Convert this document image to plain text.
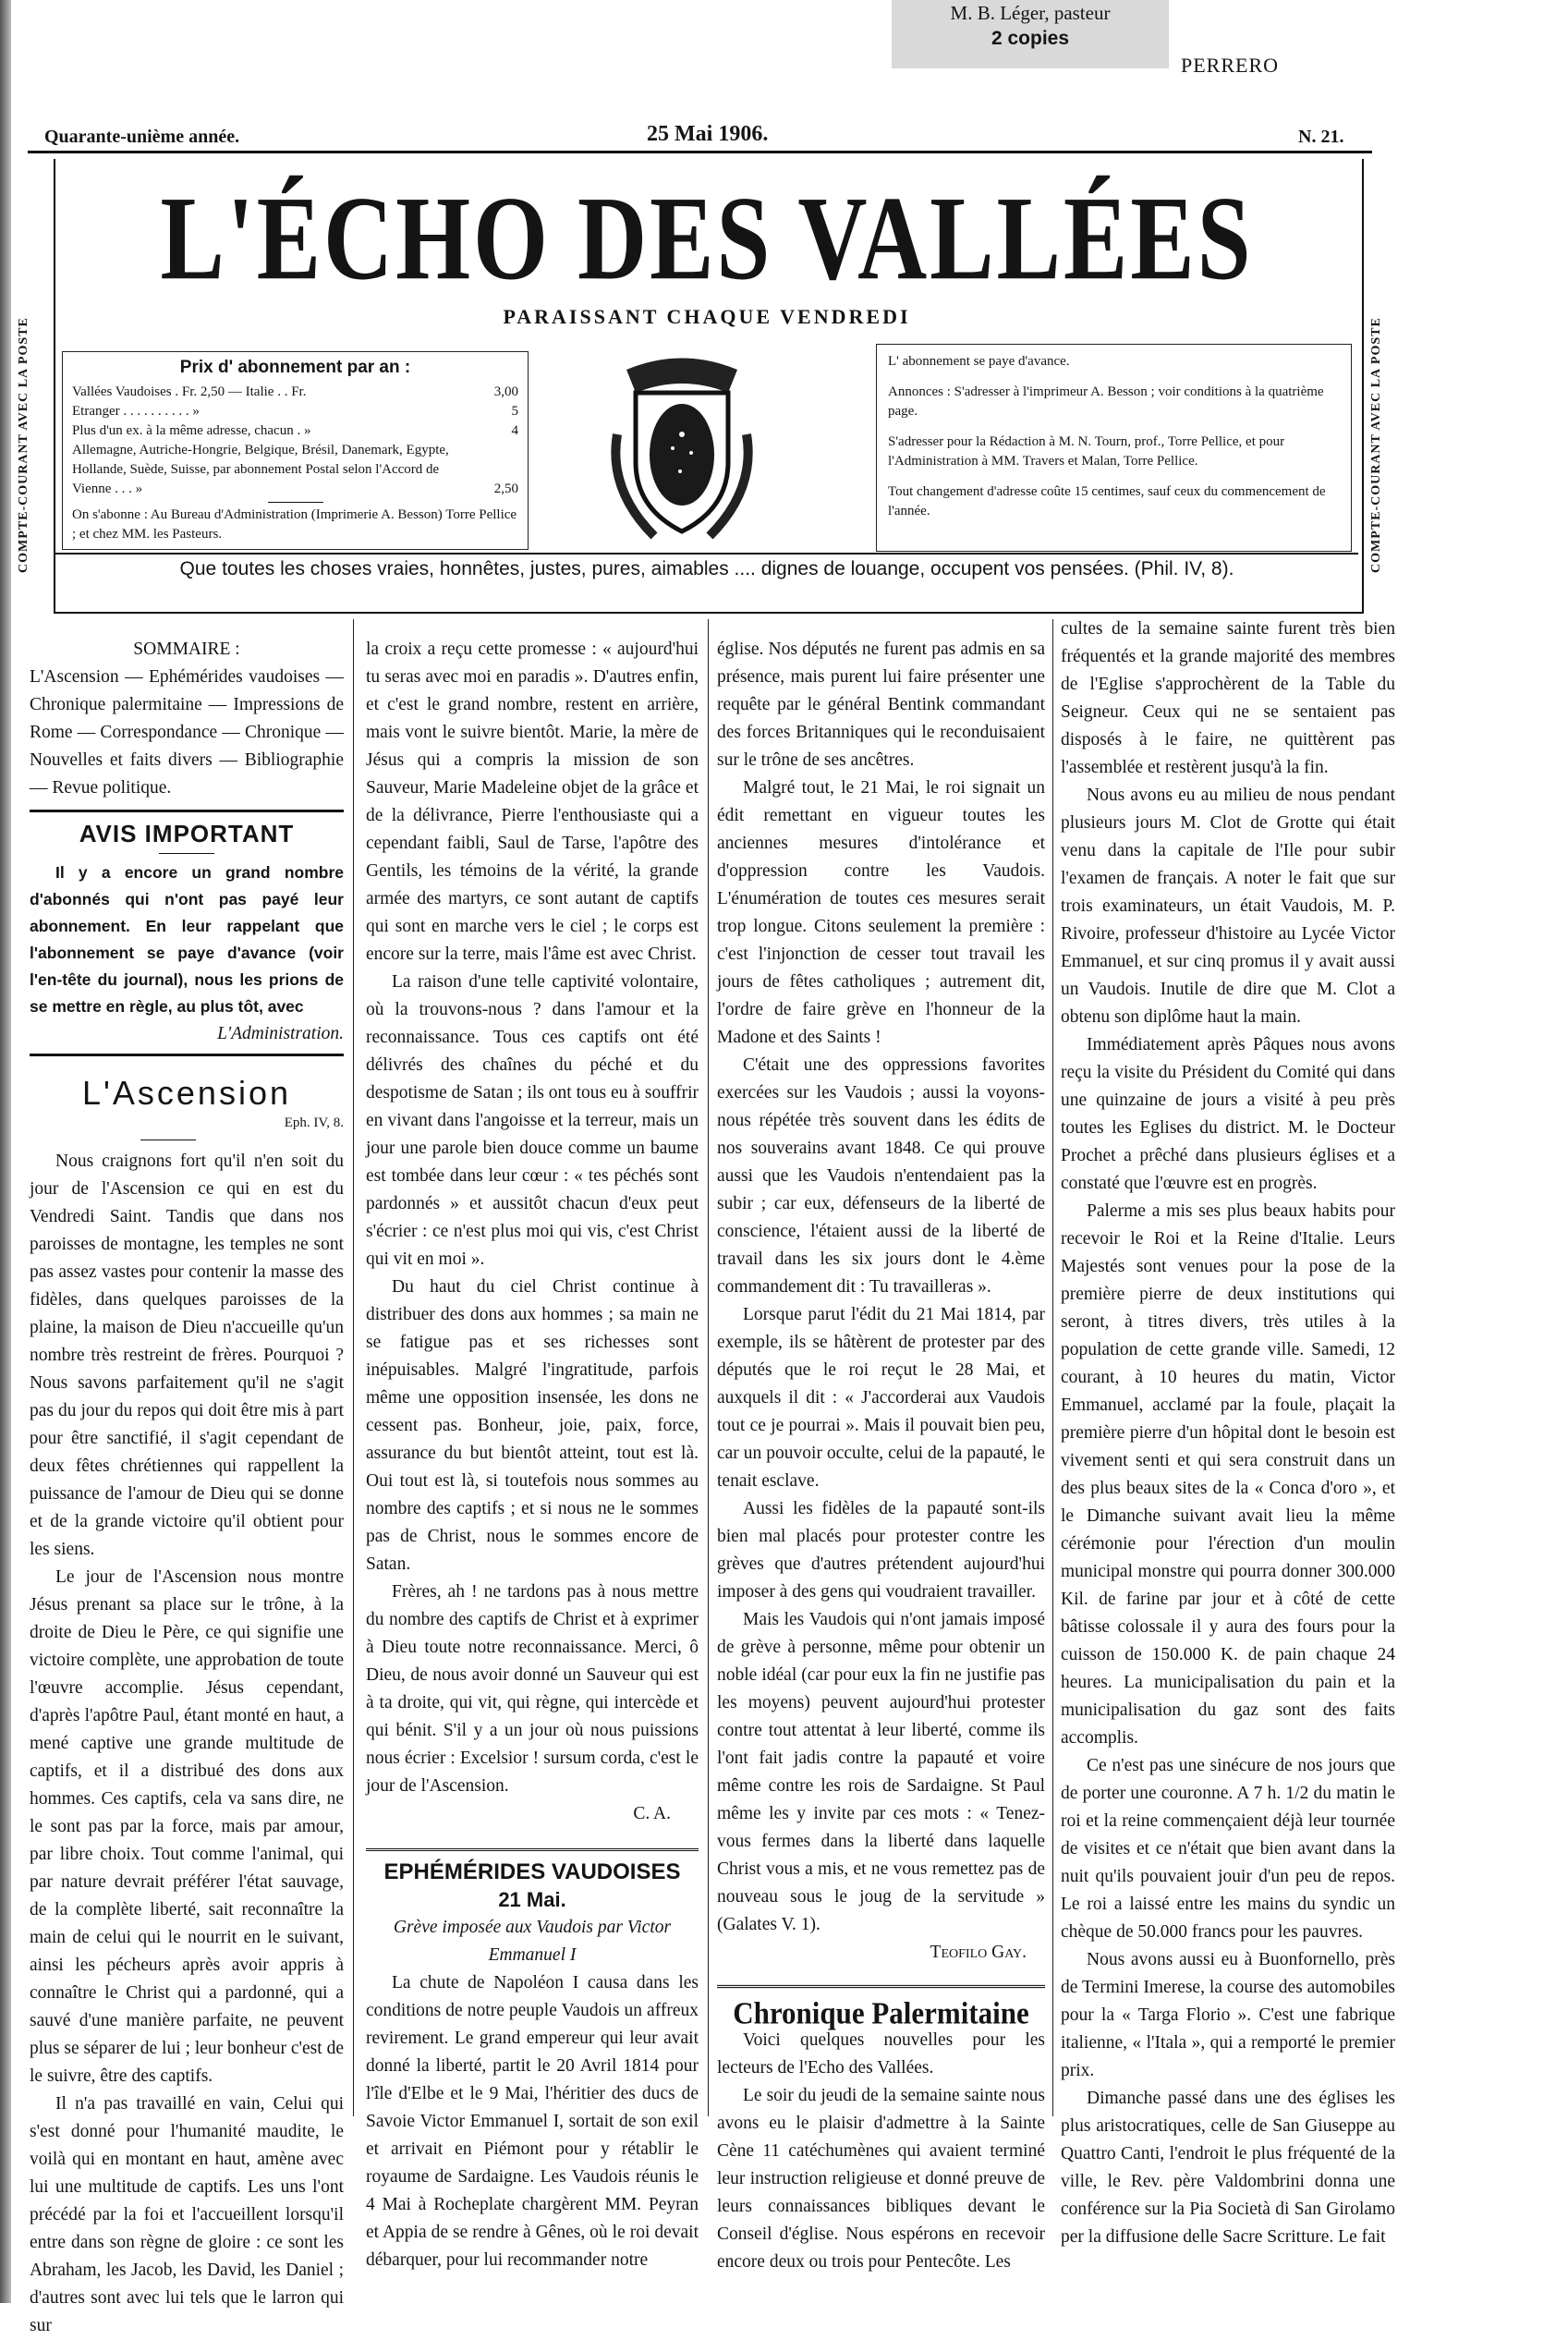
M. B. Léger, pasteur
2 copies
PERRERO
Quarante-unième année.	25 Mai 1906.	N. 21.
COMPTE-COURANT AVEC LA POSTE	COMPTE-COURANT AVEC LA POSTE
L'ÉCHO DES VALLÉES
PARAISSANT CHAQUE VENDREDI
Prix d' abonnement par an :
Vallées Vaudoises . Fr. 2,50 — Italie . . Fr.	3,00
Etranger . . . . . . . . . . »	5
Plus d'un ex. à la même adresse, chacun . »	4
Allemagne, Autriche-Hongrie, Belgique, Brésil, Danemark, Egypte, Hollande, Suède, Suisse, par abonnement Postal selon l'Accord de Vienne . . . »	2,50
On s'abonne : Au Bureau d'Administration (Imprimerie A. Besson) Torre Pellice ; et chez MM. les Pasteurs.

L' abonnement se paye d'avance.

Annonces : S'adresser à l'imprimeur A. Besson ; voir conditions à la quatrième page.

S'adresser pour la Rédaction à M. N. Tourn, prof., Torre Pellice, et pour l'Administration à MM. Travers et Malan, Torre Pellice.

Tout changement d'adresse coûte 15 centimes, sauf ceux du commencement de l'année.

Que toutes les choses vraies, honnêtes, justes, pures, aimables .... dignes de louange, occupent vos pensées. (Phil. IV, 8).

SOMMAIRE :

L'Ascension — Ephémérides vaudoises — Chronique palermitaine — Impressions de Rome — Correspondance — Chronique — Nouvelles et faits divers — Bibliographie — Revue politique.

AVIS IMPORTANT

Il y a encore un grand nombre d'abonnés qui n'ont pas payé leur abonnement. En leur rappelant que l'abonnement se paye d'avance (voir l'en-tête du journal), nous les prions de se mettre en règle, au plus tôt, avec

L'Administration.

L'Ascension

Eph. IV, 8.

Nous craignons fort qu'il n'en soit du jour de l'Ascension ce qui en est du Vendredi Saint. Tandis que dans nos paroisses de montagne, les temples ne sont pas assez vastes pour contenir la masse des fidèles, dans quelques paroisses de la plaine, la maison de Dieu n'accueille qu'un nombre très restreint de frères. Pourquoi ? Nous savons parfaitement qu'il ne s'agit pas du jour du repos qui doit être mis à part pour être sanctifié, il s'agit cependant de deux fêtes chrétiennes qui rappellent la puissance de l'amour de Dieu qui se donne et de la grande victoire qu'il obtient pour les siens.

Le jour de l'Ascension nous montre Jésus prenant sa place sur le trône, à la droite de Dieu le Père, ce qui signifie une victoire complète, une approbation de toute l'œuvre accomplie. Jésus cependant, d'après l'apôtre Paul, étant monté en haut, a mené captive une grande multitude de captifs, et il a distribué des dons aux hommes. Ces captifs, cela va sans dire, ne le sont pas par la force, mais par amour, par libre choix. Tout comme l'animal, qui par nature devrait préférer l'état sauvage, de la complète liberté, sait reconnaître la main de celui qui le nourrit en le suivant, ainsi les pécheurs après avoir appris à connaître le Christ qui a pardonné, qui a sauvé d'une manière parfaite, ne peuvent plus se séparer de lui ; leur bonheur c'est de le suivre, être des captifs.

Il n'a pas travaillé en vain, Celui qui s'est donné pour l'humanité maudite, le voilà qui en montant en haut, amène avec lui une multitude de captifs. Les uns l'ont précédé par la foi et l'accueillent lorsqu'il entre dans son règne de gloire : ce sont les Abraham, les Jacob, les David, les Daniel ; d'autres sont avec lui tels que le larron qui sur

la croix a reçu cette promesse : « aujourd'hui tu seras avec moi en paradis ». D'autres enfin, et c'est le grand nombre, restent en arrière, mais vont le suivre bientôt. Marie, la mère de Jésus qui a compris la mission de son Sauveur, Marie Madeleine objet de la grâce et de la délivrance, Pierre l'enthousiaste qui a cependant faibli, Saul de Tarse, l'apôtre des Gentils, les témoins de la vérité, la grande armée des martyrs, ce sont autant de captifs qui sont en marche vers le ciel ; le corps est encore sur la terre, mais l'âme est avec Christ.

La raison d'une telle captivité volontaire, où la trouvons-nous ? dans l'amour et la reconnaissance. Tous ces captifs ont été délivrés des chaînes du péché et du despotisme de Satan ; ils ont tous eu à souffrir en vivant dans l'angoisse et la terreur, mais un jour une parole bien douce comme un baume est tombée dans leur cœur : « tes péchés sont pardonnés » et aussitôt chacun d'eux peut s'écrier : ce n'est plus moi qui vis, c'est Christ qui vit en moi ».

Du haut du ciel Christ continue à distribuer des dons aux hommes ; sa main ne se fatigue pas et ses richesses sont inépuisables. Malgré l'ingratitude, parfois même une opposition insensée, les dons ne cessent pas. Bonheur, joie, paix, force, assurance du but bientôt atteint, tout est là. Oui tout est là, si toutefois nous sommes au nombre des captifs ; et si nous ne le sommes pas de Christ, nous le sommes encore de Satan.

Frères, ah ! ne tardons pas à nous mettre du nombre des captifs de Christ et à exprimer à Dieu toute notre reconnaissance. Merci, ô Dieu, de nous avoir donné un Sauveur qui est à ta droite, qui vit, qui règne, qui intercède et qui bénit. S'il y a un jour où nous puissions nous écrier : Excelsior ! sursum corda, c'est le jour de l'Ascension.

C. A.

EPHÉMÉRIDES VAUDOISES

21 Mai.

Grève imposée aux Vaudois par Victor Emmanuel I

La chute de Napoléon I causa dans les conditions de notre peuple Vaudois un affreux revirement. Le grand empereur qui leur avait donné la liberté, partit le 20 Avril 1814 pour l'île d'Elbe et le 9 Mai, l'héritier des ducs de Savoie Victor Emmanuel I, sortait de son exil et arrivait en Piémont pour y rétablir le royaume de Sardaigne. Les Vaudois réunis le 4 Mai à Rocheplate chargèrent MM. Peyran et Appia de se rendre à Gênes, où le roi devait débarquer, pour lui recommander notre

église. Nos députés ne furent pas admis en sa présence, mais purent lui faire présenter une requête par le général Bentink commandant des forces Britanniques qui le reconduisaient sur le trône de ses ancêtres.

Malgré tout, le 21 Mai, le roi signait un édit remettant en vigueur toutes les anciennes mesures d'intolérance et d'oppression contre les Vaudois. L'énumération de toutes ces mesures serait trop longue. Citons seulement la première : c'est l'injonction de cesser tout travail les jours de fêtes catholiques ; autrement dit, l'ordre de faire grève en l'honneur de la Madone et des Saints !

C'était une des oppressions favorites exercées sur les Vaudois ; aussi la voyons-nous répétée très souvent dans les édits de nos souverains avant 1848. Ce qui prouve aussi que les Vaudois n'entendaient pas la subir ; car eux, défenseurs de la liberté de conscience, l'étaient aussi de la liberté de travail dans les six jours dont le 4.ème commandement dit : Tu travailleras ».

Lorsque parut l'édit du 21 Mai 1814, par exemple, ils se hâtèrent de protester par des députés que le roi reçut le 28 Mai, et auxquels il dit : « J'accorderai aux Vaudois tout ce je pourrai ». Mais il pouvait bien peu, car un pouvoir occulte, celui de la papauté, le tenait esclave.

Aussi les fidèles de la papauté sont-ils bien mal placés pour protester contre les grèves que d'autres prétendent aujourd'hui imposer à des gens qui voudraient travailler.

Mais les Vaudois qui n'ont jamais imposé de grève à personne, même pour obtenir un noble idéal (car pour eux la fin ne justifie pas les moyens) peuvent aujourd'hui protester contre tout attentat à leur liberté, comme ils l'ont fait jadis contre la papauté et voire même contre les rois de Sardaigne. St Paul même les y invite par ces mots : « Tenez-vous fermes dans la liberté dans laquelle Christ vous a mis, et ne vous remettez pas de nouveau sous le joug de la servitude » (Galates V. 1).

Teofilo Gay.

Chronique Palermitaine

Voici quelques nouvelles pour les lecteurs de l'Echo des Vallées.

Le soir du jeudi de la semaine sainte nous avons eu le plaisir d'admettre à la Sainte Cène 11 catéchumènes qui avaient terminé leur instruction religieuse et donné preuve de leurs connaissances bibliques devant le Conseil d'église. Nous espérons en recevoir encore deux ou trois pour Pentecôte. Les

cultes de la semaine sainte furent très bien fréquentés et la grande majorité des membres de l'Eglise s'approchèrent de la Table du Seigneur. Ceux qui ne se sentaient pas disposés à le faire, ne quittèrent pas l'assemblée et restèrent jusqu'à la fin.

Nous avons eu au milieu de nous pendant plusieurs jours M. Clot de Grotte qui était venu dans la capitale de l'Ile pour subir l'examen de français. A noter le fait que sur trois examinateurs, un était Vaudois, M. P. Rivoire, professeur d'histoire au Lycée Victor Emmanuel, et sur cinq promus il y avait aussi un Vaudois. Inutile de dire que M. Clot a obtenu son diplôme haut la main.

Immédiatement après Pâques nous avons reçu la visite du Président du Comité qui dans une quinzaine de jours a visité à peu près toutes les Eglises du district. M. le Docteur Prochet a prêché dans plusieurs églises et a constaté que l'œuvre est en progrès.

Palerme a mis ses plus beaux habits pour recevoir le Roi et la Reine d'Italie. Leurs Majestés sont venues pour la pose de la première pierre de deux institutions qui seront, à titres divers, très utiles à la population de cette grande ville. Samedi, 12 courant, à 10 heures du matin, Victor Emmanuel, acclamé par la foule, plaçait la première pierre d'un hôpital dont le besoin est vivement senti et qui sera construit dans un des plus beaux sites de la « Conca d'oro », et le Dimanche suivant avait lieu la même cérémonie pour l'érection d'un moulin municipal monstre qui pourra donner 300.000 Kil. de farine par jour et à côté de cette bâtisse colossale il y aura des fours pour la cuisson de 150.000 K. de pain chaque 24 heures. La municipalisation du pain et la municipalisation du gaz sont des faits accomplis.

Ce n'est pas une sinécure de nos jours que de porter une couronne. A 7 h. 1/2 du matin le roi et la reine commençaient déjà leur tournée de visites et ce n'était que bien avant dans la nuit qu'ils pouvaient jouir d'un peu de repos. Le roi a laissé entre les mains du syndic un chèque de 50.000 francs pour les pauvres.

Nous avons aussi eu à Buonfornello, près de Termini Imerese, la course des automobiles pour la « Targa Florio ». C'est une fabrique italienne, « l'Itala », qui a remporté le premier prix.

Dimanche passé dans une des églises les plus aristocratiques, celle de San Giuseppe au Quattro Canti, l'endroit le plus fréquenté de la ville, le Rev. père Valdombrini donna une conférence sur la Pia Società di San Girolamo per la diffusione delle Sacre Scritture. Le fait
